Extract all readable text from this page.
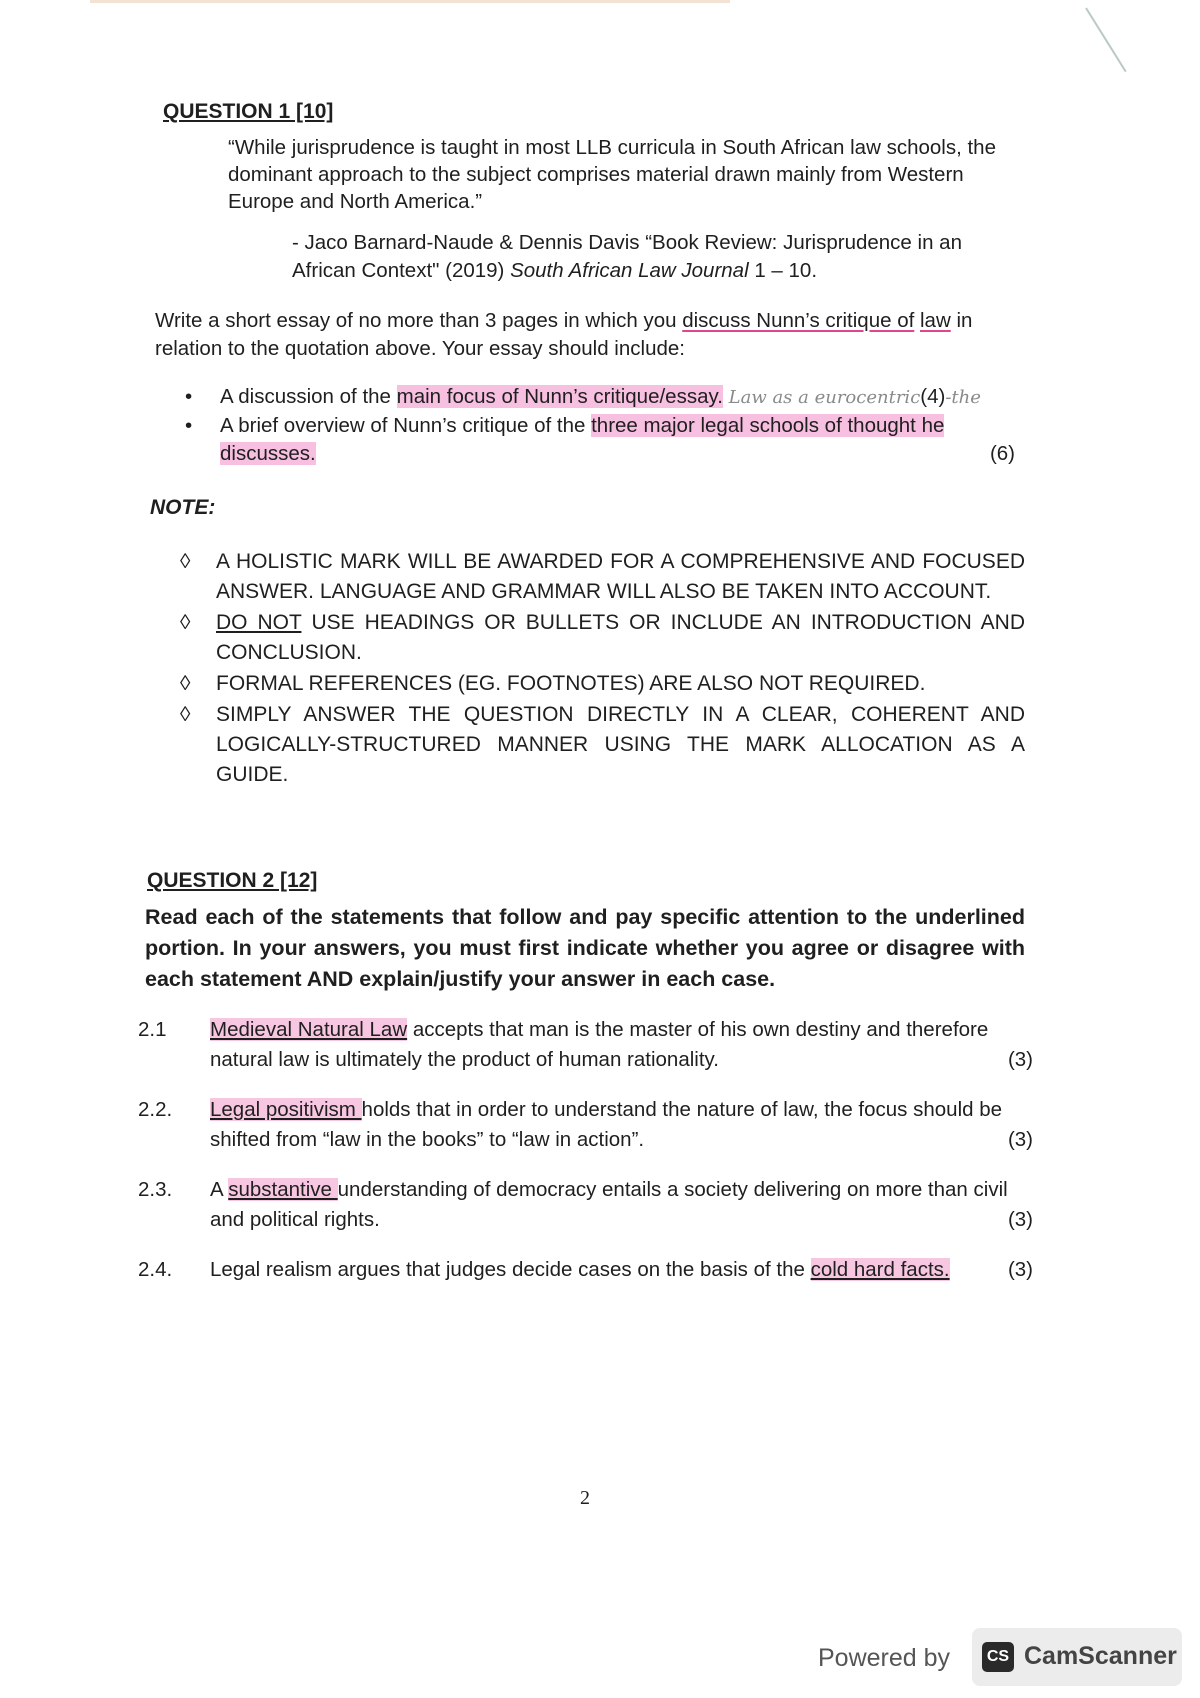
QUESTION 1 [10]

“While jurisprudence is taught in most LLB curricula in South African law schools, the dominant approach to the subject comprises material drawn mainly from Western Europe and North America.”

- Jaco Barnard-Naude & Dennis Davis “Book Review: Jurisprudence in an African Context" (2019) South African Law Journal 1 – 10.

Write a short essay of no more than 3 pages in which you discuss Nunn’s critique of law in relation to the quotation above. Your essay should include:

• A discussion of the main focus of Nunn’s critique/essay. Law as a eurocentric(4)-the
• A brief overview of Nunn’s critique of the three major legal schools of thought he discusses.	(6)

NOTE:

◊ A HOLISTIC MARK WILL BE AWARDED FOR A COMPREHENSIVE AND FOCUSED ANSWER. LANGUAGE AND GRAMMAR WILL ALSO BE TAKEN INTO ACCOUNT.
◊ DO NOT USE HEADINGS OR BULLETS OR INCLUDE AN INTRODUCTION AND CONCLUSION.
◊ FORMAL REFERENCES (EG. FOOTNOTES) ARE ALSO NOT REQUIRED.
◊ SIMPLY ANSWER THE QUESTION DIRECTLY IN A CLEAR, COHERENT AND LOGICALLY-STRUCTURED MANNER USING THE MARK ALLOCATION AS A GUIDE.
QUESTION 2 [12]

Read each of the statements that follow and pay specific attention to the underlined portion. In your answers, you must first indicate whether you agree or disagree with each statement AND explain/justify your answer in each case.

2.1 Medieval Natural Law accepts that man is the master of his own destiny and therefore natural law is ultimately the product of human rationality.	(3)
2.2. Legal positivism holds that in order to understand the nature of law, the focus should be shifted from “law in the books” to “law in action”.	(3)
2.3. A substantive understanding of democracy entails a society delivering on more than civil and political rights.	(3)
2.4. Legal realism argues that judges decide cases on the basis of the cold hard facts.	(3)
2
Powered by	CS CamScanner
